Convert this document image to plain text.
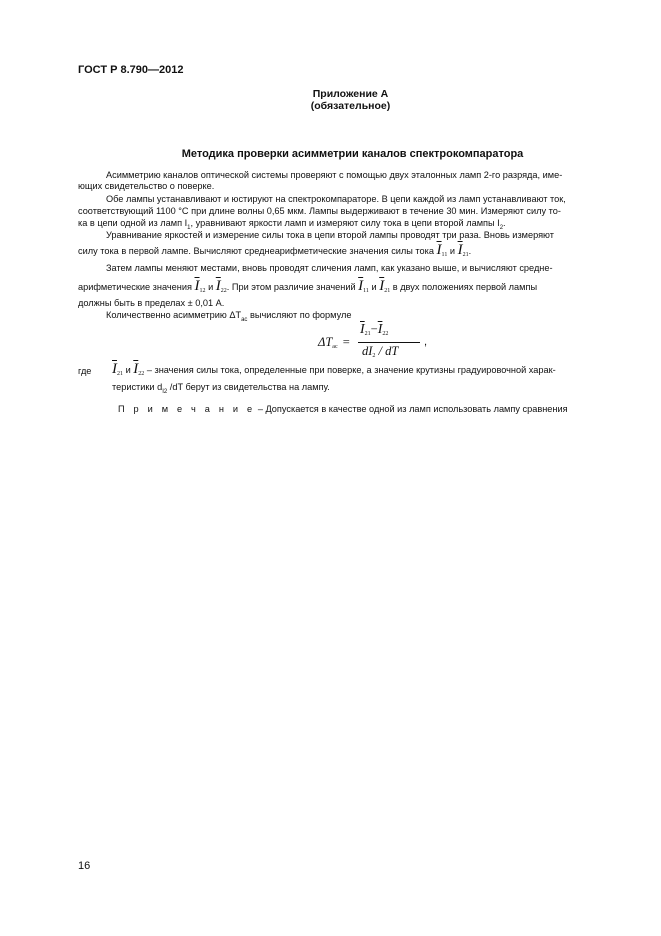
ГОСТ Р 8.790—2012
Приложение А
(обязательное)
Методика проверки асимметрии каналов спектрокомпаратора
Асимметрию каналов оптической системы проверяют с помощью двух эталонных ламп 2-го разряда, име-
ющих свидетельство о поверке.
Обе лампы устанавливают и юстируют на спектрокомпараторе. В цепи каждой из ламп устанавливают ток,
соответствующий 1100 °С при длине волны 0,65 мкм. Лампы выдерживают в течение 30 мин. Измеряют силу то-
ка в цепи одной из ламп $I_1$, уравнивают яркости ламп и измеряют силу тока в цепи второй лампы $I_2$.
Уравнивание яркостей и измерение силы тока в цепи второй лампы проводят три раза. Вновь измеряют
силу тока в первой лампе. Вычисляют среднеарифметические значения силы тока $\overline{I}_{11}$ и $\overline{I}_{21}$.
Затем лампы меняют местами, вновь проводят сличения ламп, как указано выше, и вычисляют средне-
арифметические значения $\overline{I}_{12}$ и $\overline{I}_{22}$. При этом различие значений $\overline{I}_{11}$ и $\overline{I}_{21}$ в двух положениях первой лампы
должны быть в пределах ± 0,01 А.
Количественно асимметрию $\Delta Т_{ас}$ вычисляют по формуле
$\Delta T_{ас}$ =
$\overline{I}_{21}-\overline{I}_{22}$
$dI_2$ / dT
,
где $\overline{I}_{21}$ и $\overline{I}_{22}$ – значения силы тока, определенные при поверке, а значение крутизны градуировочной харак-
теристики $d_{I2}$ /dT берут из свидетельства на лампу.
П р и м е ч а н и е – Допускается в качестве одной из ламп использовать лампу сравнения
16
